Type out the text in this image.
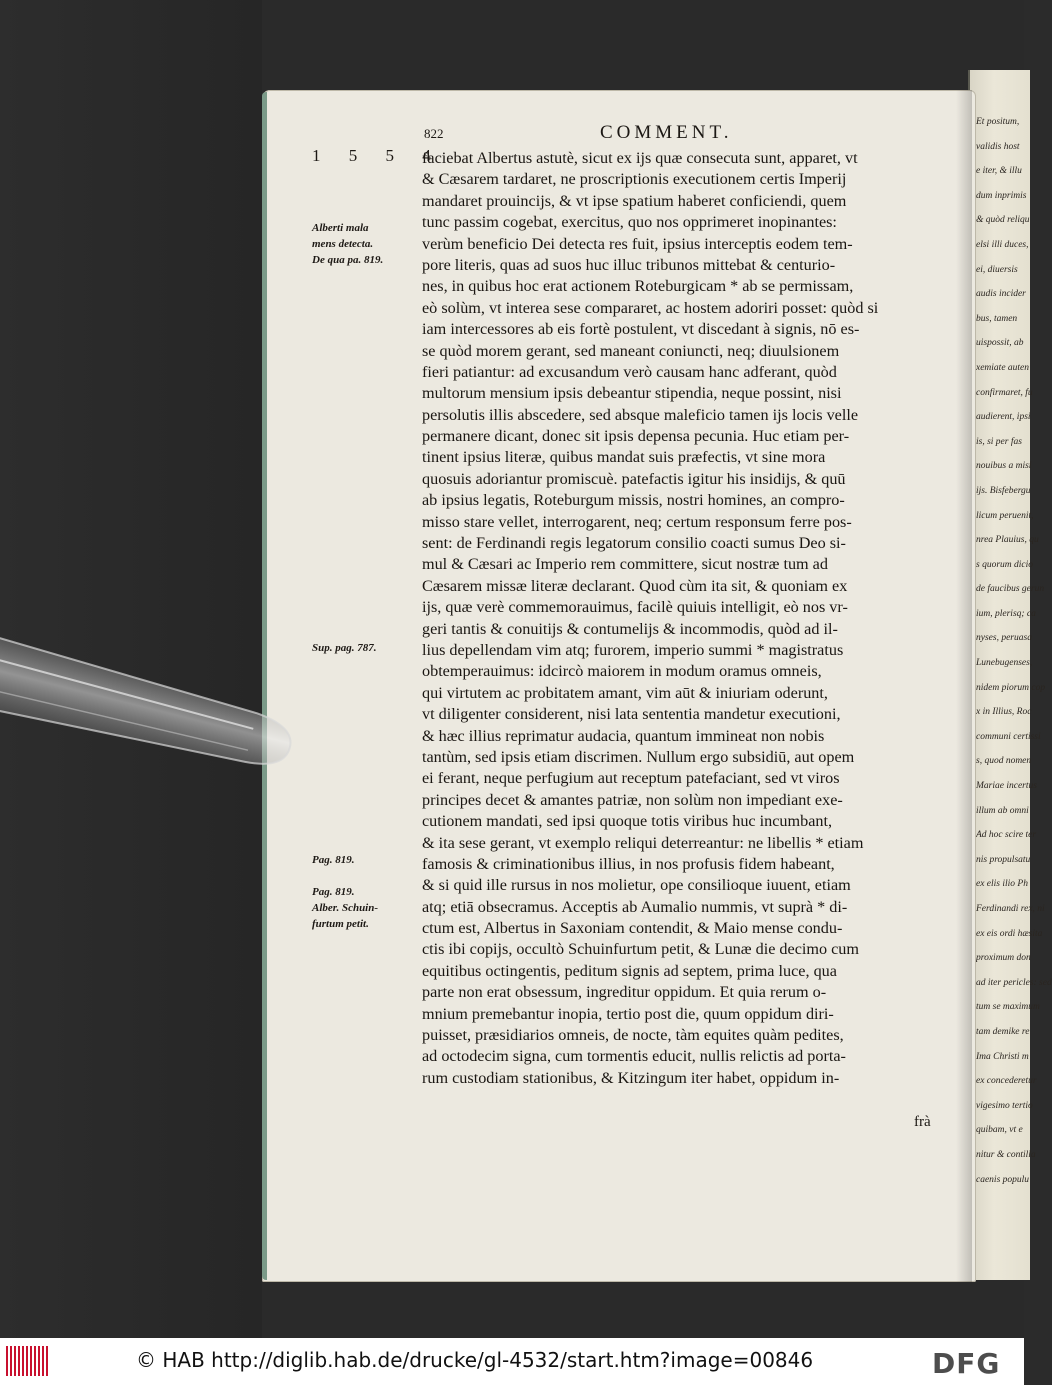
Et positum,
validis host
e iter, & illu
dum inprimis
& quòd reliqu
elsi illi duces,
ei, diuersis
audis incider
bus, tamen
uispossit, ab
xemiate auten
confirmaret, fu
audierent, ipsi
is, si per fas
nouibus a misi
ijs. Bisfebergu
licum peruenit,
nrea Plauius, qu
s quorum dicio
de faucibus gerun
ium, plerisq; ca
nyses, peruasa
Lunebugenses,
nidem piorum cop
x in Illius, Roc
communi certissi
s, quod nomen
Mariae incertus
illum ab omni
Ad hoc scire ter
nis propulsatu
ex elis ilio Ph
Ferdinandi rex, ni
ex eis ordi hæsita
proximum don
ad iter pericles: sed
tum se maximum
tam demike re
Ima Christi m
ex concederetur
vigesimo tertio
quibam, vt e
nitur & contilla
caenis populu
822	COMMENT.
1 5 5 4
Alberti mala
mens detecta.
De qua pa. 819.
Sup. pag. 787.
Pag. 819.
Pag. 819.
Alber. Schuin-
furtum petit.
faciebat Albertus astutè, sicut ex ijs quæ consecuta sunt, apparet, vt
& Cæsarem tardaret, ne proscriptionis executionem certis Imperij
mandaret prouincijs, & vt ipse spatium haberet conficiendi, quem
tunc passim cogebat, exercitus, quo nos opprimeret inopinantes:
verùm beneficio Dei detecta res fuit, ipsius interceptis eodem tem-
pore literis, quas ad suos huc illuc tribunos mittebat & centurio-
nes, in quibus hoc erat actionem Roteburgicam * ab se permissam,
eò solùm, vt interea sese compararet, ac hostem adoriri posset: quòd si
iam intercessores ab eis fortè postulent, vt discedant à signis, nō es-
se quòd morem gerant, sed maneant coniuncti, neq; diuulsionem
fieri patiantur: ad excusandum verò causam hanc adferant, quòd
multorum mensium ipsis debeantur stipendia, neque possint, nisi
persolutis illis abscedere, sed absque maleficio tamen ijs locis velle
permanere dicant, donec sit ipsis depensa pecunia. Huc etiam per-
tinent ipsius literæ, quibus mandat suis præfectis, vt sine mora
quosuis adoriantur promiscuè. patefactis igitur his insidijs, & quū
ab ipsius legatis, Roteburgum missis, nostri homines, an compro-
misso stare vellet, interrogarent, neq; certum responsum ferre pos-
sent: de Ferdinandi regis legatorum consilio coacti sumus Deo si-
mul & Cæsari ac Imperio rem committere, sicut nostræ tum ad
Cæsarem missæ literæ declarant. Quod cùm ita sit, & quoniam ex
ijs, quæ verè commemorauimus, facilè quiuis intelligit, eò nos vr-
geri tantis & conuitijs & contumelijs & incommodis, quòd ad il-
lius depellendam vim atq; furorem, imperio summi * magistratus
obtemperauimus: idcircò maiorem in modum oramus omneis,
qui virtutem ac probitatem amant, vim aūt & iniuriam oderunt,
vt diligenter considerent, nisi lata sententia mandetur executioni,
& hæc illius reprimatur audacia, quantum immineat non nobis
tantùm, sed ipsis etiam discrimen. Nullum ergo subsidiū, aut opem
ei ferant, neque perfugium aut receptum patefaciant, sed vt viros
principes decet & amantes patriæ, non solùm non impediant exe-
cutionem mandati, sed ipsi quoque totis viribus huc incumbant,
& ita sese gerant, vt exemplo reliqui deterreantur: ne libellis * etiam
famosis & criminationibus illius, in nos profusis fidem habeant,
& si quid ille rursus in nos molietur, ope consilioque iuuent, etiam
atq; etiā obsecramus. Acceptis ab Aumalio nummis, vt suprà * di-
ctum est, Albertus in Saxoniam contendit, & Maio mense condu-
ctis ibi copijs, occultò Schuinfurtum petit, & Lunæ die decimo cum
equitibus octingentis, peditum signis ad septem, prima luce, qua
parte non erat obsessum, ingreditur oppidum. Et quia rerum o-
mnium premebantur inopia, tertio post die, quum oppidum diri-
puisset, præsidiarios omneis, de nocte, tàm equites quàm pedites,
ad octodecim signa, cum tormentis educit, nullis relictis ad porta-
rum custodiam stationibus, & Kitzingum iter habet, oppidum in-
frà
© HAB http://diglib.hab.de/drucke/gl-4532/start.htm?image=00846	DFG
